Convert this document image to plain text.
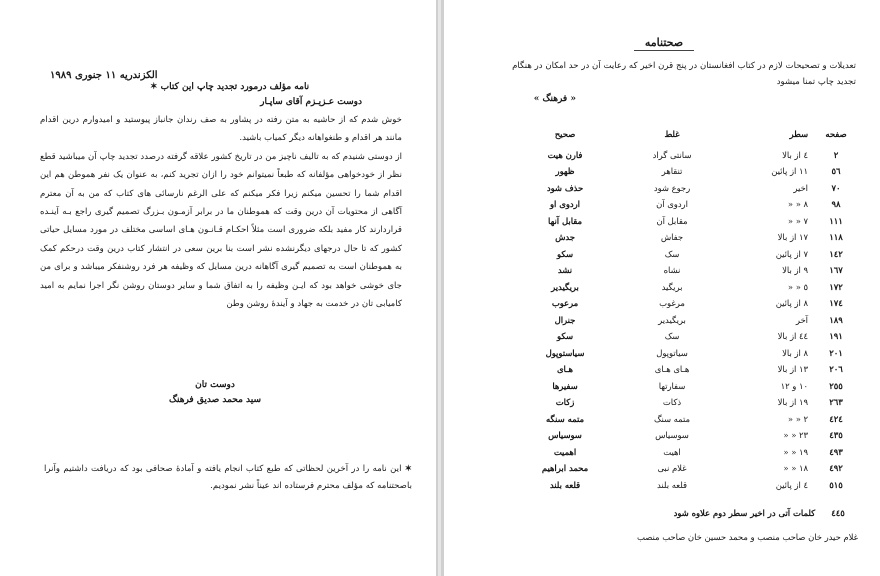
الکزندریه ۱۱ جنوری ۱۹۸۹
نامه مؤلف درمورد تجدید چاپ این کتاب ✶
دوست عـزیـزم آقای ساپـار

خوش شدم که از حاشیه به متن رفته در پشاور به صف رندان جانباز پیوستید و امیدوارم درین اقدام مانند هر اقدام و طنغواهانه دیگر کمیاب باشید.

از دوستی شنیدم که به تالیف ناچیز من در تاریخ کشور علاقه گرفته درصدد تجدید چاپ آن میباشید قطع نظر از خودخواهی مؤلفانه که طبعاً نمیتوانم خود را ازان تجرید کنم، به عنوان یک نفر هموطن هم این اقدام شما را تحسین میکنم زیرا فکر میکنم که علی الرغم نارسائی های کتاب که من به آن معترم آگاهی از محتویات آن درین وقت که هموطنان ما در برابر آزمـون بـزرگ تصمیم گیری راجع بـه آینـده قراردارند کار مفید بلکه ضروری است مثلاً احکـام قـانـون هـای اساسی مختلف در مورد مسایل حیاتی کشور که تا حال درجهای دیگرنشده نشر است بنا برین سعی در انتشار کتاب درین وقت درحکم کمک به هموطنان است به تصمیم گیری آگاهانه درین مسایل که وظیفه هر فرد روشنفکر میباشد و برای من جای خوشی خواهد بود که ایـن وظیفه را به اتفاق شما و سایر دوستان روشن نگر اجرا نمایم به امید کامیابی تان در خدمت به جهاد و آیندهٔ روشن وطن

دوست تان
سید محمد صدیق فرهنگ
✶ این نامه را در آخرین لحظاتی که طبع کتاب انجام یافته و آمادهٔ صحافی بود که دریافت داشتیم وآنرا باصحتنامه که مؤلف محترم فرستاده اند عیناً نشر نمودیم.
صحتنامه
تعدیلات و تصحیحات لازم در کتاب افغانستان در پنج قرن اخیر که رعایت آن در حد امکان در هنگام تجدید چاپ تمنا میشود
« فرهنگ »
صفحه
سطر
غلط
صحیح
۲
٤ از بالا
سانتی گراد
فارن هیت
٥٦
۱۱ از پائین
تنقاهر
ظهور
۷۰
اخیر
رجوع شود
حذف شود
۹۸
۸ « «
اردوی آن
اردوی او
۱۱۱
۷ « «
مقابل آن
مقابل آنها
۱۱۸
۱۷ از بالا
جفاش
جدش
۱٤۲
۷ از پائین
سک
سکو
۱٦۷
۹ از بالا
نشاه
نشد
۱۷۲
٥ « «
بریگید
بریگیدیر
۱۷٤
۸ از پائین
مرغوب
مرعوب
۱۸۹
آخر
بریگیدیر
جنرال
۱۹۱
٤٤ از بالا
سک
سکو
۲۰۱
۸ از بالا
سیاتوپول
سیاستوپول
۲۰٦
۱۳ از بالا
هـای هـای
هـای
۲٥٥
۱۰ و ۱۲
سفارتها
سفیرها
۲٦۳
۱۹ از بالا
ذکات
زکات
٤٢٤
۲ « «
متمه سنگ
متمه سنگه
٤۳٥
۲۳ « «
سوسیاس
سوسیاس
٤٩٣
۱۹ « «
اهیت
اهمیت
٤٩۲
۱۸ « «
غلام نبی
محمد ابراهیم
٥۱٥
٤ از پائین
قلعه بلند
قلعه بلند
٤٤٥ کلمات آتی در اخیر سطر دوم علاوه شود
غلام حیدر خان صاحب منصب و محمد حسین خان صاحب منصب
